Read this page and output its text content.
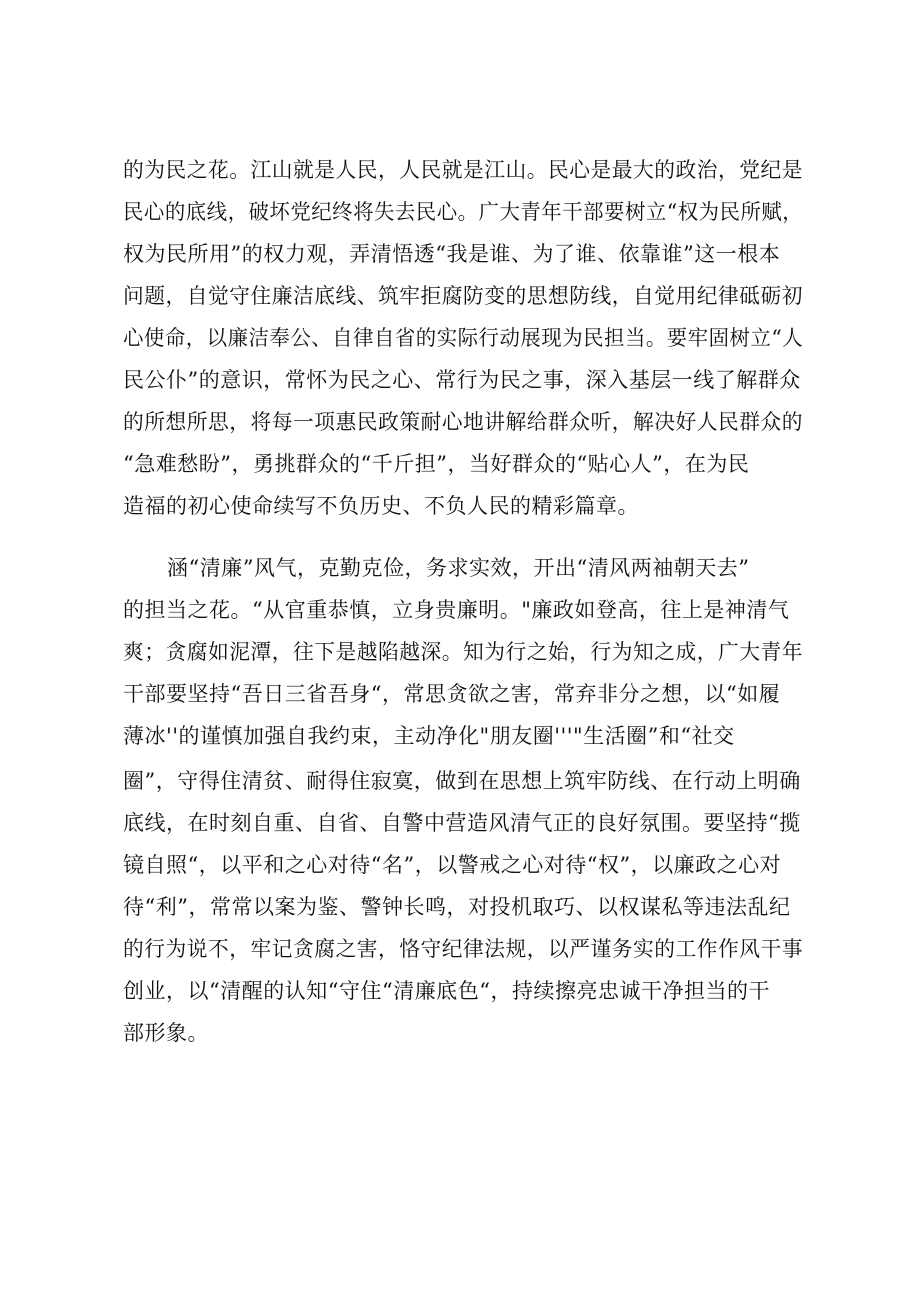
的为民之花。江山就是人民，人民就是江山。民心是最大的政治，党纪是
民心的底线，破坏党纪终将失去民心。广大青年干部要树立“权为民所赋，
权为民所用”的权力观，弄清悟透“我是谁、为了谁、依靠谁”这一根本
问题，自觉守住廉洁底线、筑牢拒腐防变的思想防线，自觉用纪律砥砺初
心使命，以廉洁奉公、自律自省的实际行动展现为民担当。要牢固树立“人
民公仆”的意识，常怀为民之心、常行为民之事，深入基层一线了解群众
的所想所思，将每一项惠民政策耐心地讲解给群众听，解决好人民群众的
“急难愁盼”，勇挑群众的“千斤担”，当好群众的“贴心人”，在为民
造福的初心使命续写不负历史、不负人民的精彩篇章。
涵“清廉”风气，克勤克俭，务求实效，开出“清风两袖朝天去”
的担当之花。“从官重恭慎，立身贵廉明。"廉政如登高，往上是神清气
爽；贪腐如泥潭，往下是越陷越深。知为行之始，行为知之成，广大青年
干部要坚持“吾日三省吾身“，常思贪欲之害，常弃非分之想，以“如履
薄冰''的谨慎加强自我约束，主动净化"朋友圈'''"生活圈”和“社交
圈”，守得住清贫、耐得住寂寞，做到在思想上筑牢防线、在行动上明确
底线，在时刻自重、自省、自警中营造风清气正的良好氛围。要坚持“揽
镜自照“，以平和之心对待“名”，以警戒之心对待“权”，以廉政之心对
待“利”，常常以案为鉴、警钟长鸣，对投机取巧、以权谋私等违法乱纪
的行为说不，牢记贪腐之害，恪守纪律法规，以严谨务实的工作作风干事
创业，以“清醒的认知“守住“清廉底色“，持续擦亮忠诚干净担当的干
部形象。
